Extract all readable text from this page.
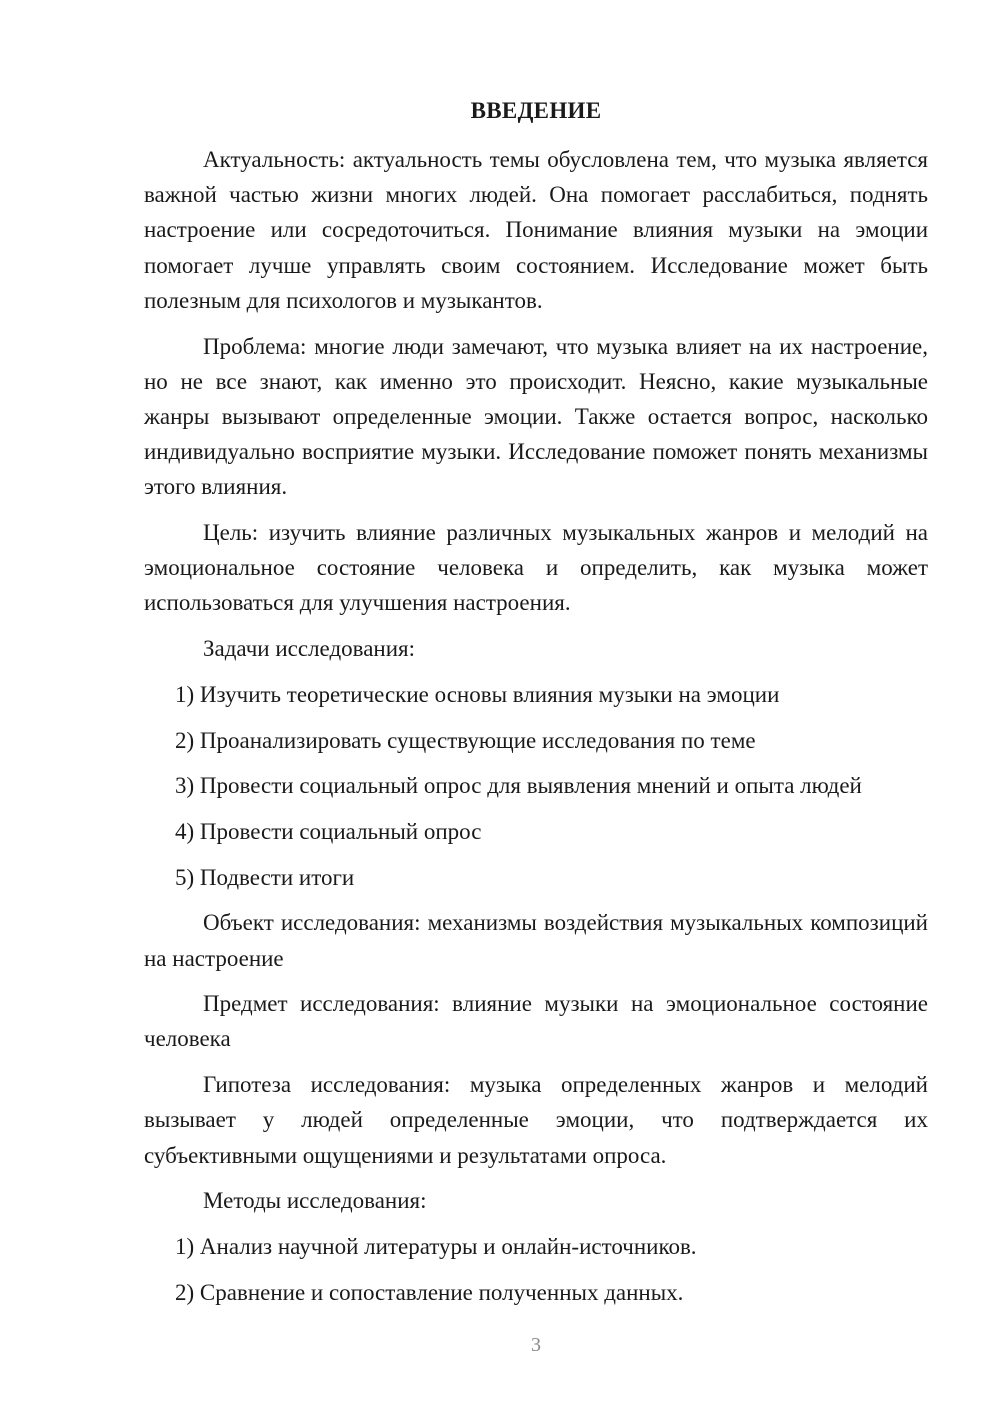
ВВЕДЕНИЕ

Актуальность: актуальность темы обусловлена тем, что музыка является важной частью жизни многих людей. Она помогает расслабиться, поднять настроение или сосредоточиться. Понимание влияния музыки на эмоции помогает лучше управлять своим состоянием. Исследование может быть полезным для психологов и музыкантов.

Проблема: многие люди замечают, что музыка влияет на их настроение, но не все знают, как именно это происходит. Неясно, какие музыкальные жанры вызывают определенные эмоции. Также остается вопрос, насколько индивидуально восприятие музыки. Исследование поможет понять механизмы этого влияния.

Цель: изучить влияние различных музыкальных жанров и мелодий на эмоциональное состояние человека и определить, как музыка может использоваться для улучшения настроения.

Задачи исследования:

1) Изучить теоретические основы влияния музыки на эмоции
2) Проанализировать существующие исследования по теме
3) Провести социальный опрос для выявления мнений и опыта людей
4) Провести социальный опрос
5) Подвести итоги

Объект исследования: механизмы воздействия музыкальных композиций на настроение

Предмет исследования: влияние музыки на эмоциональное состояние человека

Гипотеза исследования: музыка определенных жанров и мелодий вызывает у людей определенные эмоции, что подтверждается их субъективными ощущениями и результатами опроса.

Методы исследования:

1) Анализ научной литературы и онлайн-источников.
2) Сравнение и сопоставление полученных данных.
3
